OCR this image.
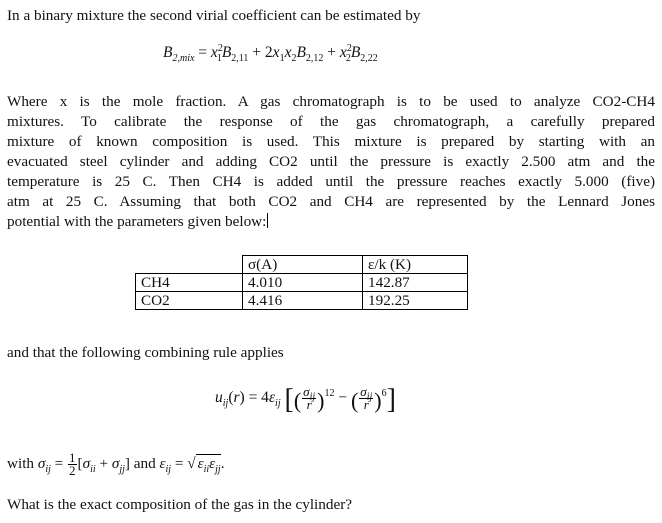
In a binary mixture the second virial coefficient can be estimated by
$B_{2,mix} = x^2_1B_{2,11} + 2x_1x_2B_{2,12} + x^2_2B_{2,22}$
Where x is the mole fraction. A gas chromatograph is to be used to analyze CO2-CH4
mixtures. To calibrate the response of the gas chromatograph, a carefully prepared
mixture of known composition is used. This mixture is prepared by starting with an
evacuated steel cylinder and adding CO2 until the pressure is exactly 2.500 atm and the
temperature is 25 C. Then CH4 is added until the pressure reaches exactly 5.000 (five)
atm at 25 C. Assuming that both CO2 and CH4 are represented by the Lennard Jones
potential with the parameters given below:
	σ(A)	ε/k (K)
CH4	4.010	142.87
CO2	4.416	192.25
and that the following combining rule applies
$u_{ij}(r) = 4\varepsilon_{ij}$ [( $\frac{\sigma_{ij}}{r} )^{12}$ − ( $\frac{\sigma_{ij}}{r} )^6$]
with $\sigma_{ij} = \frac{1}{2} [\sigma_{ii} + \sigma_{jj}]$ and $\varepsilon_{ij}$ = √ $\varepsilon_{ii}\varepsilon_{jj}$.
What is the exact composition of the gas in the cylinder?
